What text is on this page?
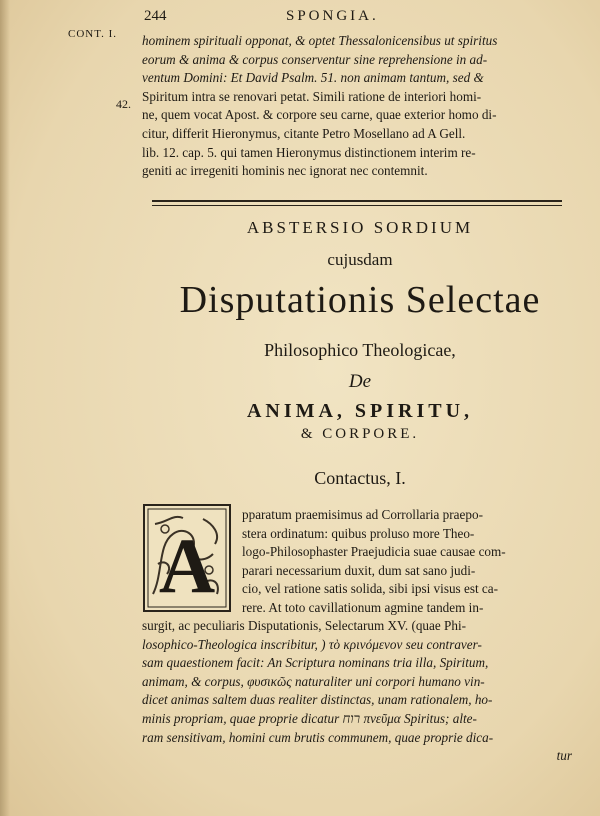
244	SPONGIA.
CONT. I.
42.
hominem spirituali opponat, & optet Thessalonicensibus ut spiritus
eorum & anima & corpus conserventur sine reprehensione in ad-
ventum Domini: Et David Psalm. 51. non animam tantum, sed &
Spiritum intra se renovari petat. Simili ratione de interiori homi-
ne, quem vocat Apost. & corpore seu carne, quae exterior homo di-
citur, differit Hieronymus, citante Petro Mosellano ad A Gell.
lib. 12. cap. 5. qui tamen Hieronymus distinctionem interim re-
geniti ac irregeniti hominis nec ignorat nec contemnit.
ABSTERSIO SORDIUM
cujusdam
Disputationis Selectae
Philosophico Theologicae,
De
ANIMA, SPIRITU,
& CORPORE.
Contactus, I.
A
pparatum praemisimus ad Corrollaria praepo-
stera ordinatum: quibus proluso more Theo-
logo-Philosophaster Praejudicia suae causae com-
parari necessarium duxit, dum sat sano judi-
cio, vel ratione satis solida, sibi ipsi visus est ca-
rere. At toto cavillationum agmine tandem in-
surgit, ac peculiaris Disputationis, Selectarum XV. (quae Phi-
losophico-Theologica inscribitur, ) τὸ κρινόμενον seu contraver-
sam quaestionem facit: An Scriptura nominans tria illa, Spiritum,
animam, & corpus, φυσικῶς naturaliter uni corpori humano vin-
dicet animas saltem duas realiter distinctas, unam rationalem, ho-
minis propriam, quae proprie dicatur רוח πνεῦμα Spiritus; alte-
ram sensitivam, homini cum brutis communem, quae proprie dica-
tur
